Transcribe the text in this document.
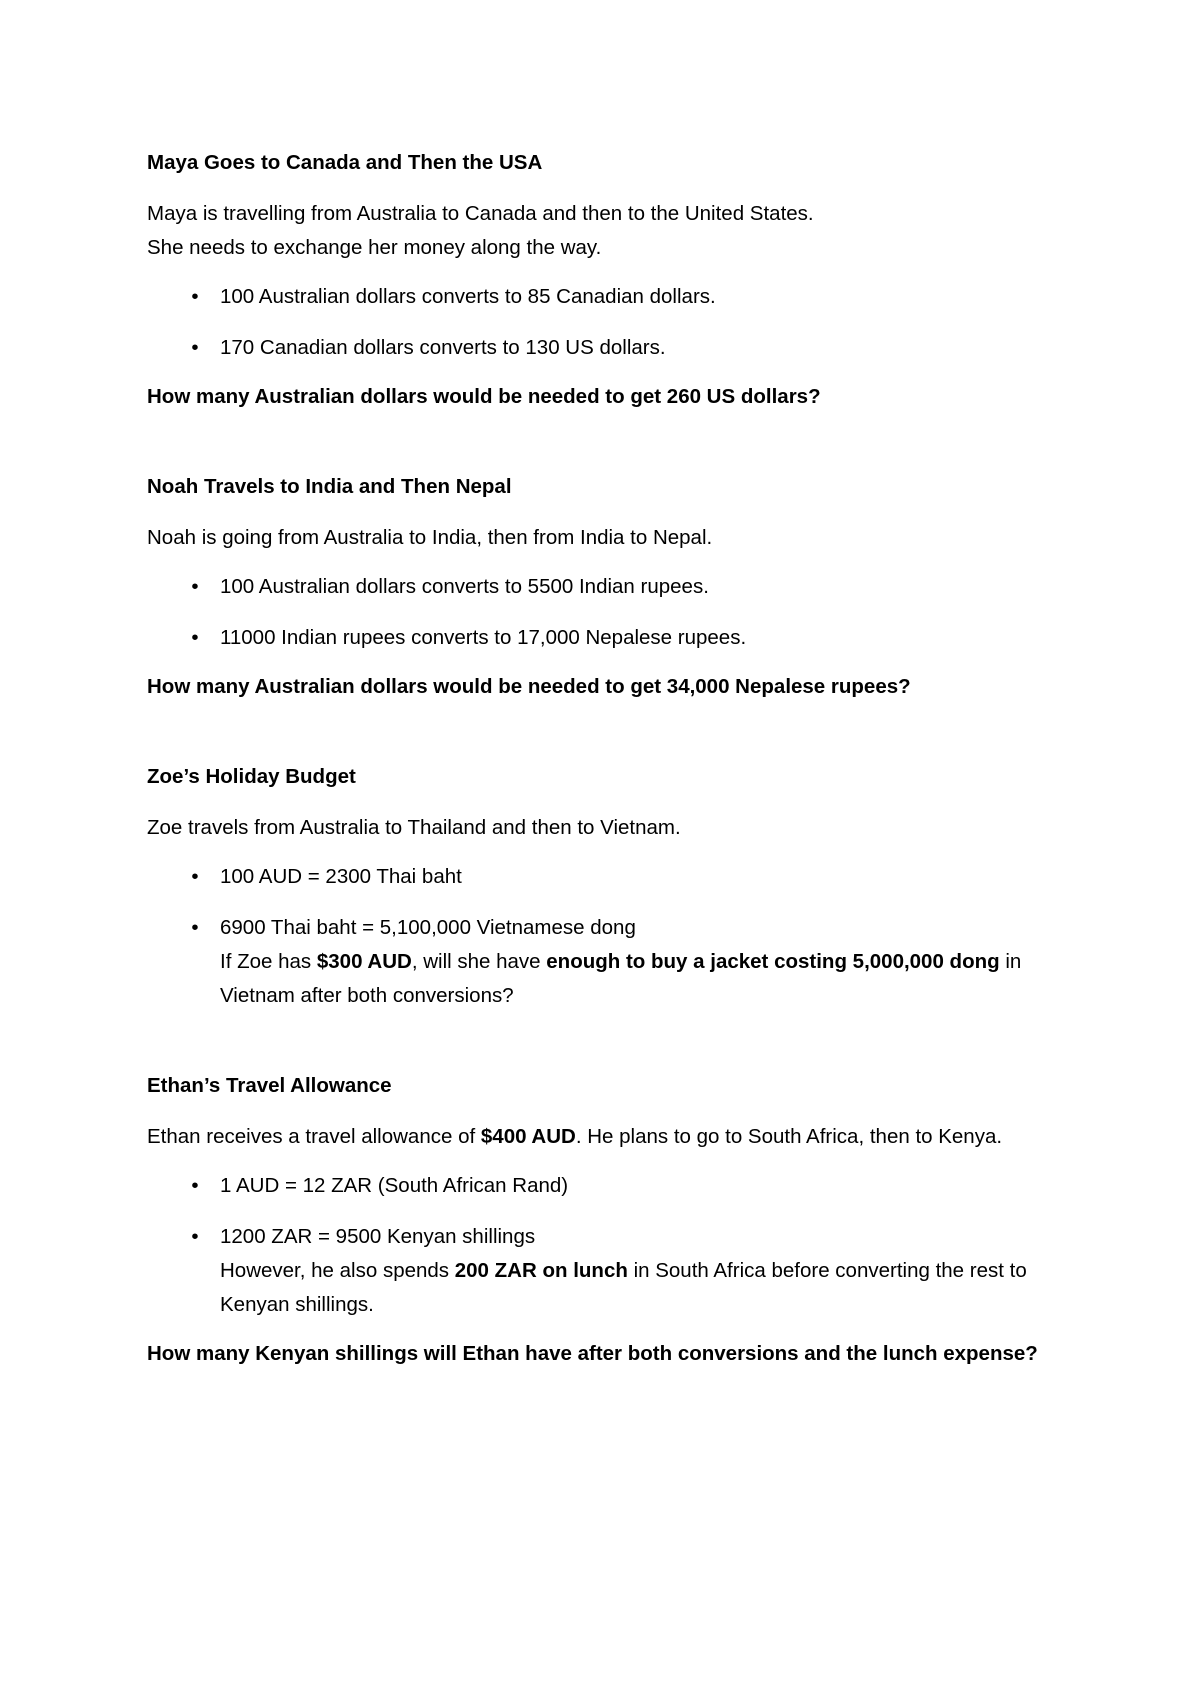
Maya Goes to Canada and Then the USA

Maya is travelling from Australia to Canada and then to the United States.

She needs to exchange her money along the way.

•	100 Australian dollars converts to 85 Canadian dollars.
•	170 Canadian dollars converts to 130 US dollars.

How many Australian dollars would be needed to get 260 US dollars?

Noah Travels to India and Then Nepal

Noah is going from Australia to India, then from India to Nepal.

•	100 Australian dollars converts to 5500 Indian rupees.
•	11000 Indian rupees converts to 17,000 Nepalese rupees.

How many Australian dollars would be needed to get 34,000 Nepalese rupees?

Zoe’s Holiday Budget

Zoe travels from Australia to Thailand and then to Vietnam.

•	100 AUD = 2300 Thai baht
•	6900 Thai baht = 5,100,000 Vietnamese dong
If Zoe has $300 AUD, will she have enough to buy a jacket costing 5,000,000 dong in Vietnam after both conversions?

Ethan’s Travel Allowance

Ethan receives a travel allowance of $400 AUD. He plans to go to South Africa, then to Kenya.

•	1 AUD = 12 ZAR (South African Rand)
•	1200 ZAR = 9500 Kenyan shillings
However, he also spends 200 ZAR on lunch in South Africa before converting the rest to Kenyan shillings.

How many Kenyan shillings will Ethan have after both conversions and the lunch expense?
